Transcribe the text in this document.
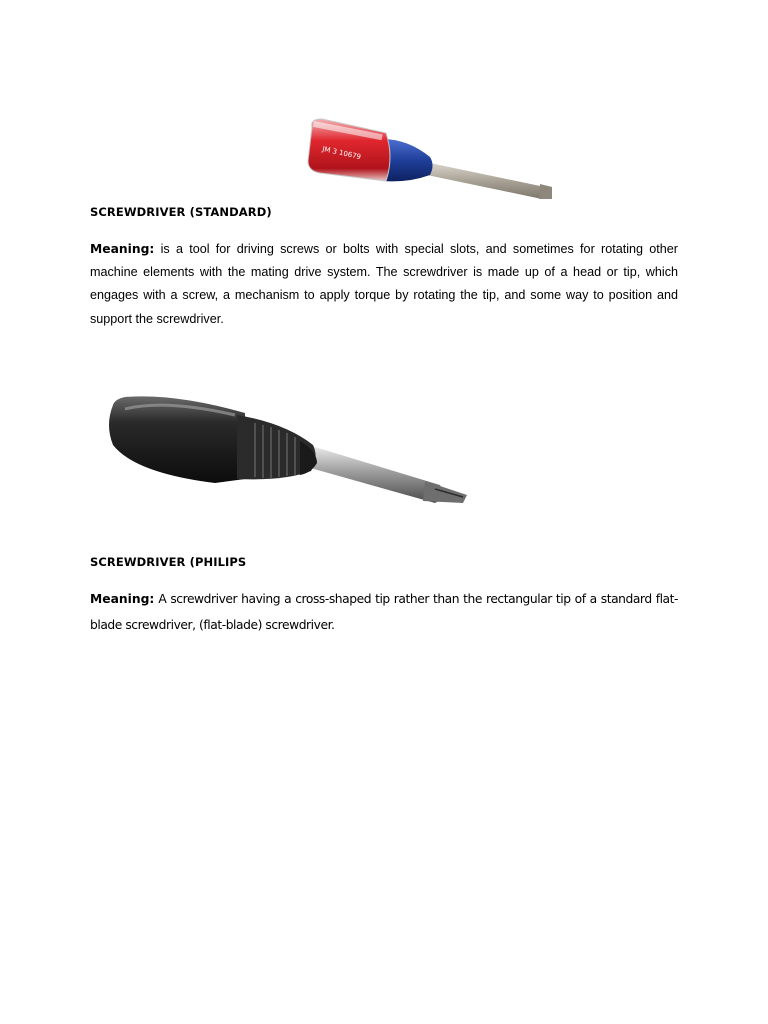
JM 3 10679
SCREWDRIVER (STANDARD)
Meaning: is a tool for driving screws or bolts with special slots, and sometimes for rotating other machine elements with the mating drive system. The screwdriver is made up of a head or tip, which engages with a screw, a mechanism to apply torque by rotating the tip, and some way to position and support the screwdriver.
SCREWDRIVER (PHILIPS
Meaning: A screwdriver having a cross-shaped tip rather than the rectangular tip of a standard flat-blade screwdriver, (flat-blade) screwdriver.
